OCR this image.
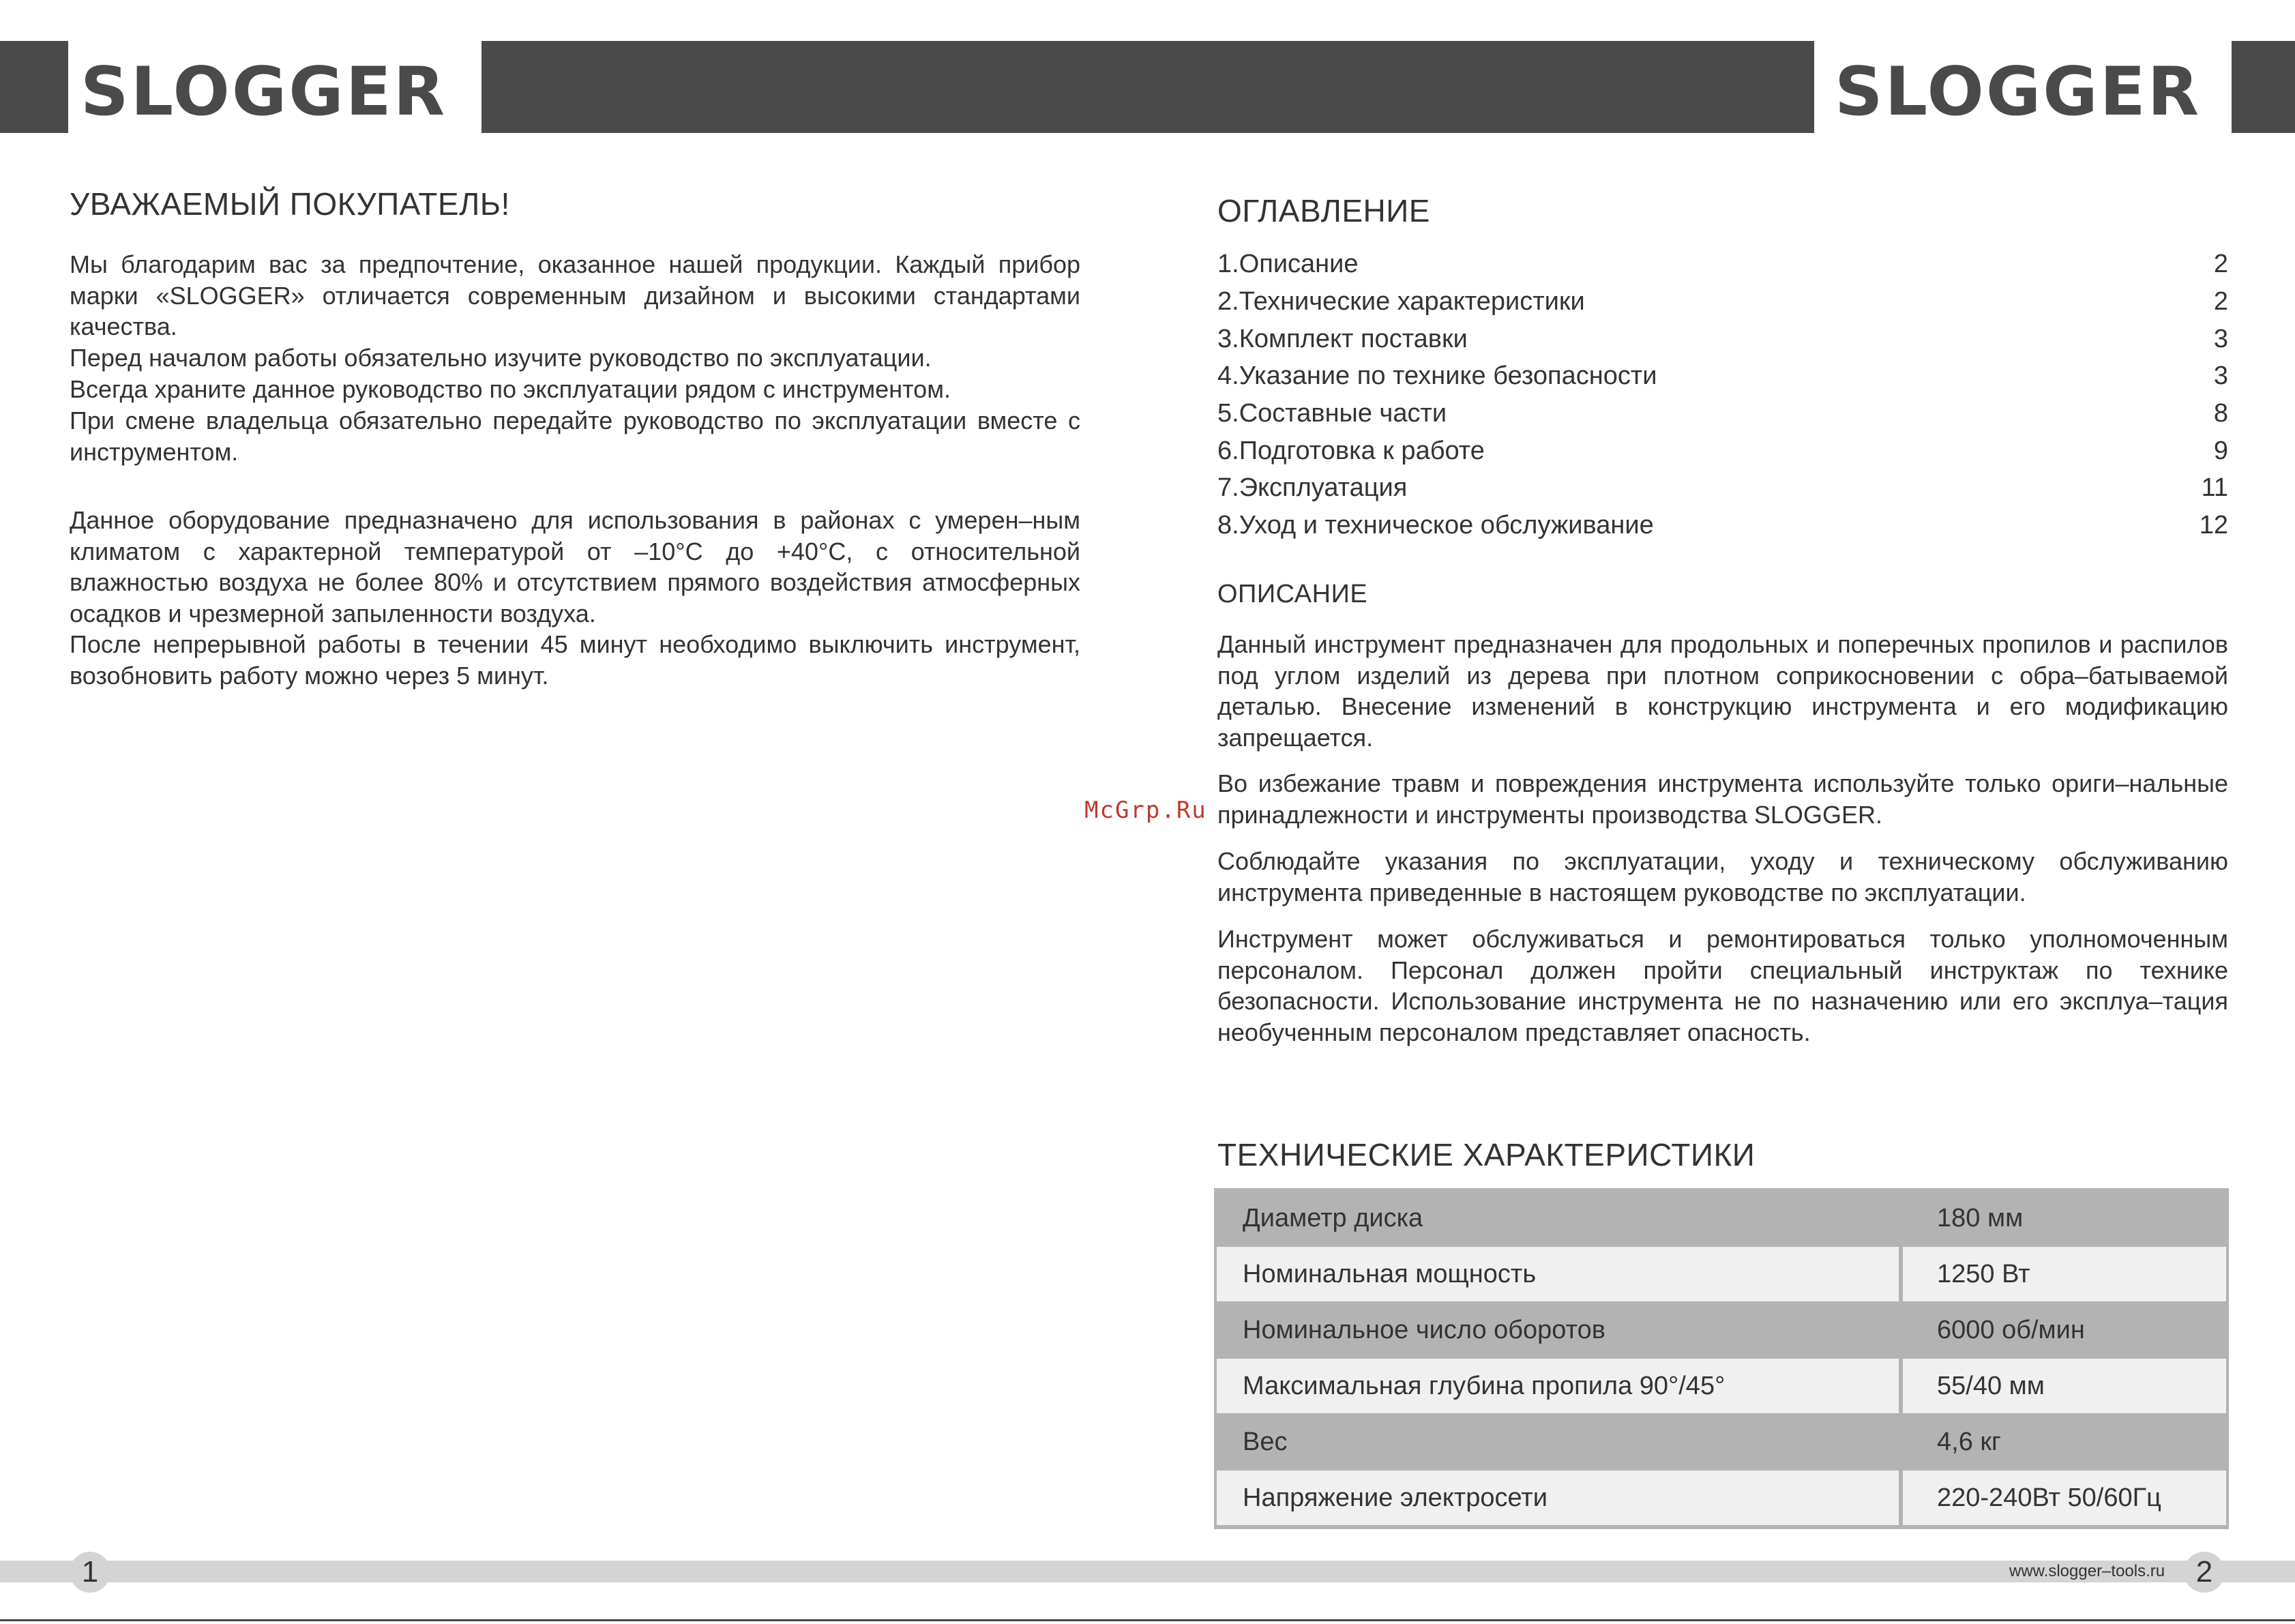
SLOGGER	SLOGGER
УВАЖАЕМЫЙ ПОКУПАТЕЛЬ!

Мы благодарим вас за предпочтение, оказанное нашей продукции. Каждый прибор марки «SLOGGER» отличается современным дизайном и высокими стандартами качества.

Перед началом работы обязательно изучите руководство по эксплуатации.

Всегда храните данное руководство по эксплуатации рядом с инструментом.

При смене владельца обязательно передайте руководство по эксплуатации вместе с инструментом.

Данное оборудование предназначено для использования в районах с умерен–ным климатом с характерной температурой от –10°С до +40°С, с относительной влажностью воздуха не более 80% и отсутствием прямого воздействия атмосферных осадков и чрезмерной запыленности воздуха.

После непрерывной работы в течении 45 минут необходимо выключить инструмент, возобновить работу можно через 5 минут.

ОГЛАВЛЕНИЕ
1.Описание	2
2.Технические характеристики	2
3.Комплект поставки	3
4.Указание по технике безопасности	3
5.Составные части	8
6.Подготовка к работе	9
7.Эксплуатация	11
8.Уход и техническое обслуживание	12
ОПИСАНИЕ

Данный инструмент предназначен для продольных и поперечных пропилов и распилов под углом изделий из дерева при плотном соприкосновении с обра–батываемой деталью. Внесение изменений в конструкцию инструмента и его модификацию запрещается.

Во избежание травм и повреждения инструмента используйте только ориги–нальные принадлежности и инструменты производства SLOGGER.

Соблюдайте указания по эксплуатации, уходу и техническому обслуживанию инструмента приведенные в настоящем руководстве по эксплуатации.

Инструмент может обслуживаться и ремонтироваться только уполномоченным персоналом. Персонал должен пройти специальный инструктаж по технике безопасности. Использование инструмента не по назначению или его эксплуа–тация необученным персоналом представляет опасность.

McGrp.Ru
ТЕХНИЧЕСКИЕ ХАРАКТЕРИСТИКИ
Диаметр диска	180 мм
Номинальная мощность	1250 Вт
Номинальное число оборотов	6000 об/мин
Максимальная глубина пропила 90°/45°	55/40 мм
Вес	4,6 кг
Напряжение электросети	220-240Вт 50/60Гц
1	www.slogger–tools.ru	2
